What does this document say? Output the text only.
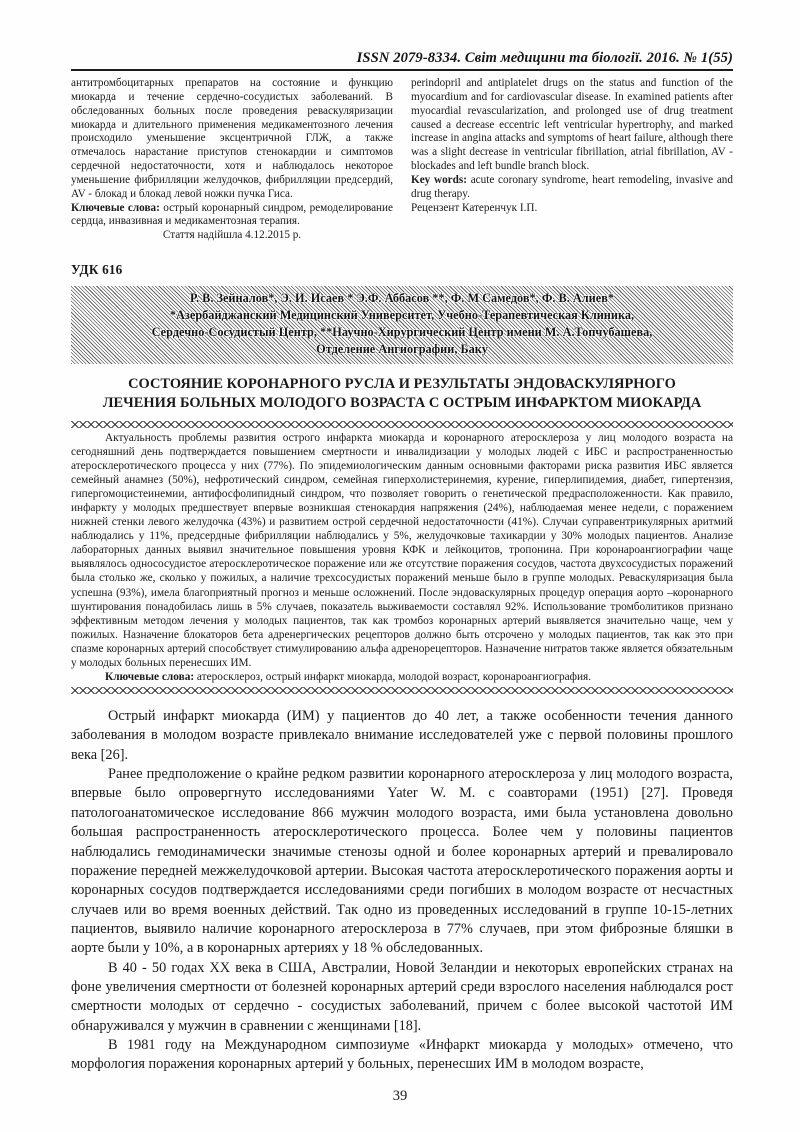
ISSN 2079-8334. Світ медицини та біології. 2016. № 1(55)

антитромбоцитарных препаратов на состояние и функцию миокарда и течение сердечно-сосудистых заболеваний. В обследованных больных после проведения реваскуляризации миокарда и длительного применения медикаментозного лечения происходило уменьшение эксцентричной ГЛЖ, а также отмечалось нарастание приступов стенокардии и симптомов сердечной недостаточности, хотя и наблюдалось некоторое уменьшение фибрилляции желудочков, фибрилляции предсердий, AV - блокад и блокад левой ножки пучка Гиса.

Ключевые слова: острый коронарный синдром, ремоделирование сердца, инвазивная и медикаментозная терапия.

Стаття надійшла 4.12.2015 р.

perindopril and antiplatelet drugs on the status and function of the myocardium and for cardiovascular disease. In examined patients after myocardial revascularization, and prolonged use of drug treatment caused a decrease eccentric left ventricular hypertrophy, and marked increase in angina attacks and symptoms of heart failure, although there was a slight decrease in ventricular fibrillation, atrial fibrillation, AV - blockades and left bundle branch block.

Key words: acute coronary syndrome, heart remodeling, invasive and drug therapy.

Рецензент Катеренчук І.П.

УДК 616
Р. В. Зейналов*, Э. И. Исаев * Э.Ф. Аббасов **, Ф. М Самедов*, Ф. В. Алиев*
*Азербайджанский Медицинский Университет, Учебно-Терапевтическая Клиника,
Сердечно-Сосудистый Центр, **Научно-Хирургический Центр имени М. А.Топчубашева,
Отделение Ангиографии, Баку
СОСТОЯНИЕ КОРОНАРНОГО РУСЛА И РЕЗУЛЬТАТЫ ЭНДОВАСКУЛЯРНОГО
ЛЕЧЕНИЯ БОЛЬНЫХ МОЛОДОГО ВОЗРАСТА С ОСТРЫМ ИНФАРКТОМ МИОКАРДА

Актуальность проблемы развития острого инфаркта миокарда и коронарного атеросклероза у лиц молодого возраста на сегодняшний день подтверждается повышением смертности и инвалидизации у молодых людей с ИБС и распространенностью атеросклеротического процесса у них (77%). По эпидемиологическим данным основными факторами риска развития ИБС является семейный анамнез (50%), нефротический синдром, семейная гиперхолистеринемия, курение, гиперлипидемия, диабет, гипертензия, гипергомоцистеинемии, антифосфолипидный синдром, что позволяет говорить о генетической предрасположенности. Как правило, инфаркту у молодых предшествует впервые возникшая стенокардия напряжения (24%), наблюдаемая менее недели, с поражением нижней стенки левого желудочка (43%) и развитием острой сердечной недостаточности (41%). Случаи суправентрикулярных аритмий наблюдались у 11%, предсердные фибрилляции наблюдались у 5%, желудочковые тахикардии у 30% молодых пациентов. Анализе лабораторных данных выявил значительное повышения уровня КФК и лейкоцитов, тропонина. При коронароангиографии чаще выявлялось однососудистое атеросклеротическое поражение или же отсутствие поражения сосудов, частота двухсосудистых поражений была столько же, сколько у пожилых, а наличие трехсосудистых поражений меньше было в группе молодых. Реваскуляризация была успешна (93%), имела благоприятный прогноз и меньше осложнений. После эндоваскулярных процедур операция аорто –коронарного шунтирования понадобилась лишь в 5% случаев, показатель выживаемости составлял 92%. Использование тромболитиков признано эффективным методом лечения у молодых пациентов, так как тромбоз коронарных артерий выявляется значительно чаще, чем у пожилых. Назначение блокаторов бета адренергических рецепторов должно быть отсрочено у молодых пациентов, так как это при спазме коронарных артерий способствует стимулированию альфа адренорецепторов. Назначение нитратов также является обязательным у молодых больных перенесших ИМ.

Ключевые слова: атеросклероз, острый инфаркт миокарда, молодой возраст, коронароангиография.

Острый инфаркт миокарда (ИМ) у пациентов до 40 лет, а также особенности течения данного заболевания в молодом возрасте привлекало внимание исследователей уже с первой половины прошлого века [26].

Ранее предположение о крайне редком развитии коронарного атеросклероза у лиц молодого возраста, впервые было опровергнуто исследованиями Yater W. M. с соавторами (1951) [27]. Проведя патологоанатомическое исследование 866 мужчин молодого возраста, ими была установлена довольно большая распространенность атеросклеротического процесса. Более чем у половины пациентов наблюдались гемодинамически значимые стенозы одной и более коронарных артерий и превалировало поражение передней межжелудочковой артерии. Высокая частота атеросклеротического поражения аорты и коронарных сосудов подтверждается исследованиями среди погибших в молодом возрасте от несчастных случаев или во время военных действий. Так одно из проведенных исследований в группе 10-15-летних пациентов, выявило наличие коронарного атеросклероза в 77% случаев, при этом фиброзные бляшки в аорте были у 10%, а в коронарных артериях у 18 % обследованных.

В 40 - 50 годах XX века в США, Австралии, Новой Зеландии и некоторых европейских странах на фоне увеличения смертности от болезней коронарных артерий среди взрослого населения наблюдался рост смертности молодых от сердечно - сосудистых заболеваний, причем с более высокой частотой ИМ обнаруживался у мужчин в сравнении с женщинами [18].

В 1981 году на Международном симпозиуме «Инфаркт миокарда у молодых» отмечено, что морфология поражения коронарных артерий у больных, перенесших ИМ в молодом возрасте,

39
